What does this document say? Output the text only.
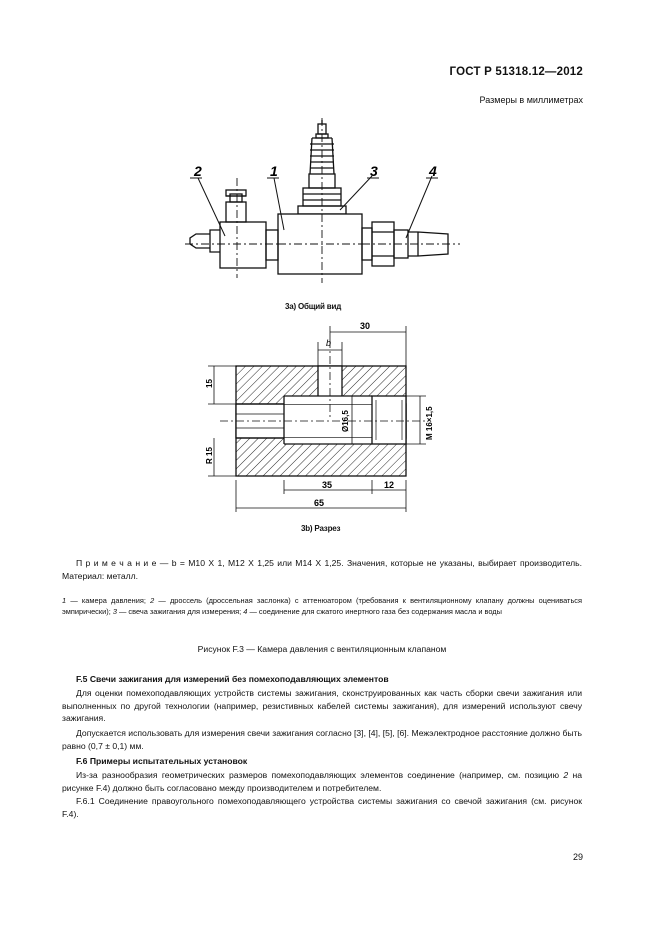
ГОСТ Р 51318.12—2012
Размеры в миллиметрах
2	1	3	4
3а) Общий вид
30
b
15
R 15
Ø16,5	M 16×1,5
35	12
65
3b) Разрез
П р и м е ч а н и е — b = M10 X 1, M12 X 1,25 или M14 X 1,25. Значения, которые не указаны, выбирает производитель. Материал: металл.
1 — камера давления; 2 — дроссель (дроссельная заслонка) с аттенюатором (требования к вентиляционному клапану должны оцениваться эмпирически); 3 — свеча зажигания для измерения; 4 — соединение для сжатого инертного газа без содержания масла и воды
Рисунок F.3 — Камера давления с вентиляционным клапаном
F.5 Свечи зажигания для измерений без помехоподавляющих элементов
Для оценки помехоподавляющих устройств системы зажигания, сконструированных как часть сборки свечи зажигания или выполненных по другой технологии (например, резистивных кабелей системы зажигания), для измерений используют свечу зажигания.
Допускается использовать для измерения свечи зажигания согласно [3], [4], [5], [6]. Межэлектродное расстояние должно быть равно (0,7 ± 0,1) мм.
F.6 Примеры испытательных установок
Из-за разнообразия геометрических размеров помехоподавляющих элементов соединение (например, см. позицию 2 на рисунке F.4) должно быть согласовано между производителем и потребителем.
F.6.1 Соединение правоугольного помехоподавляющего устройства системы зажигания со свечой зажигания (см. рисунок F.4).
29
